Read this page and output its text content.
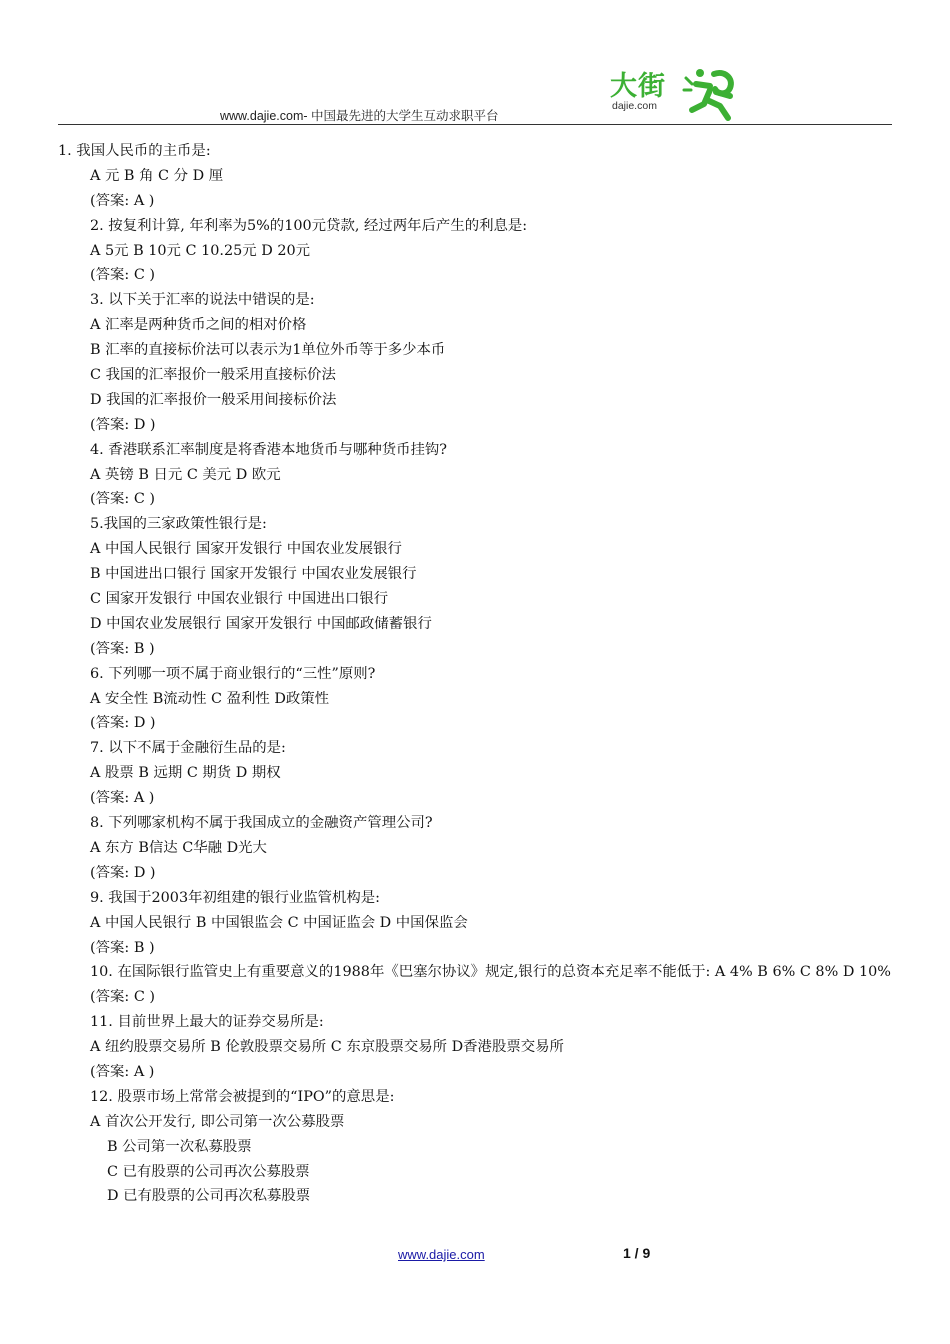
大街
dajie.com
www.dajie.com- 中国最先进的大学生互动求职平台
1. 我国人民币的主币是:
A 元 B 角 C 分 D 厘
(答案: A )
2. 按复利计算, 年利率为5%的100元贷款, 经过两年后产生的利息是:
A 5元 B 10元 C 10.25元 D 20元
(答案: C )
3. 以下关于汇率的说法中错误的是:
A 汇率是两种货币之间的相对价格
B 汇率的直接标价法可以表示为1单位外币等于多少本币
C 我国的汇率报价一般采用直接标价法
D 我国的汇率报价一般采用间接标价法
(答案: D )
4. 香港联系汇率制度是将香港本地货币与哪种货币挂钩?
A 英镑 B 日元 C 美元 D 欧元
(答案: C )
5.我国的三家政策性银行是:
A 中国人民银行 国家开发银行 中国农业发展银行
B 中国进出口银行 国家开发银行 中国农业发展银行
C 国家开发银行 中国农业银行 中国进出口银行
D 中国农业发展银行 国家开发银行 中国邮政储蓄银行
(答案: B )
6. 下列哪一项不属于商业银行的“三性”原则?
A 安全性 B流动性 C 盈利性 D政策性
(答案: D )
7. 以下不属于金融衍生品的是:
A 股票 B 远期 C 期货 D 期权
(答案: A )
8. 下列哪家机构不属于我国成立的金融资产管理公司?
A 东方 B信达 C华融 D光大
(答案: D )
9. 我国于2003年初组建的银行业监管机构是:
A 中国人民银行 B 中国银监会 C 中国证监会 D 中国保监会
(答案: B )
10. 在国际银行监管史上有重要意义的1988年《巴塞尔协议》规定,银行的总资本充足率不能低于: A 4% B 6% C 8% D 10%
(答案: C )
11. 目前世界上最大的证券交易所是:
A 纽约股票交易所 B 伦敦股票交易所 C 东京股票交易所 D香港股票交易所
(答案: A )
12. 股票市场上常常会被提到的“IPO”的意思是:
A 首次公开发行, 即公司第一次公募股票
B 公司第一次私募股票
C 已有股票的公司再次公募股票
D 已有股票的公司再次私募股票
www.dajie.com	1 / 9
